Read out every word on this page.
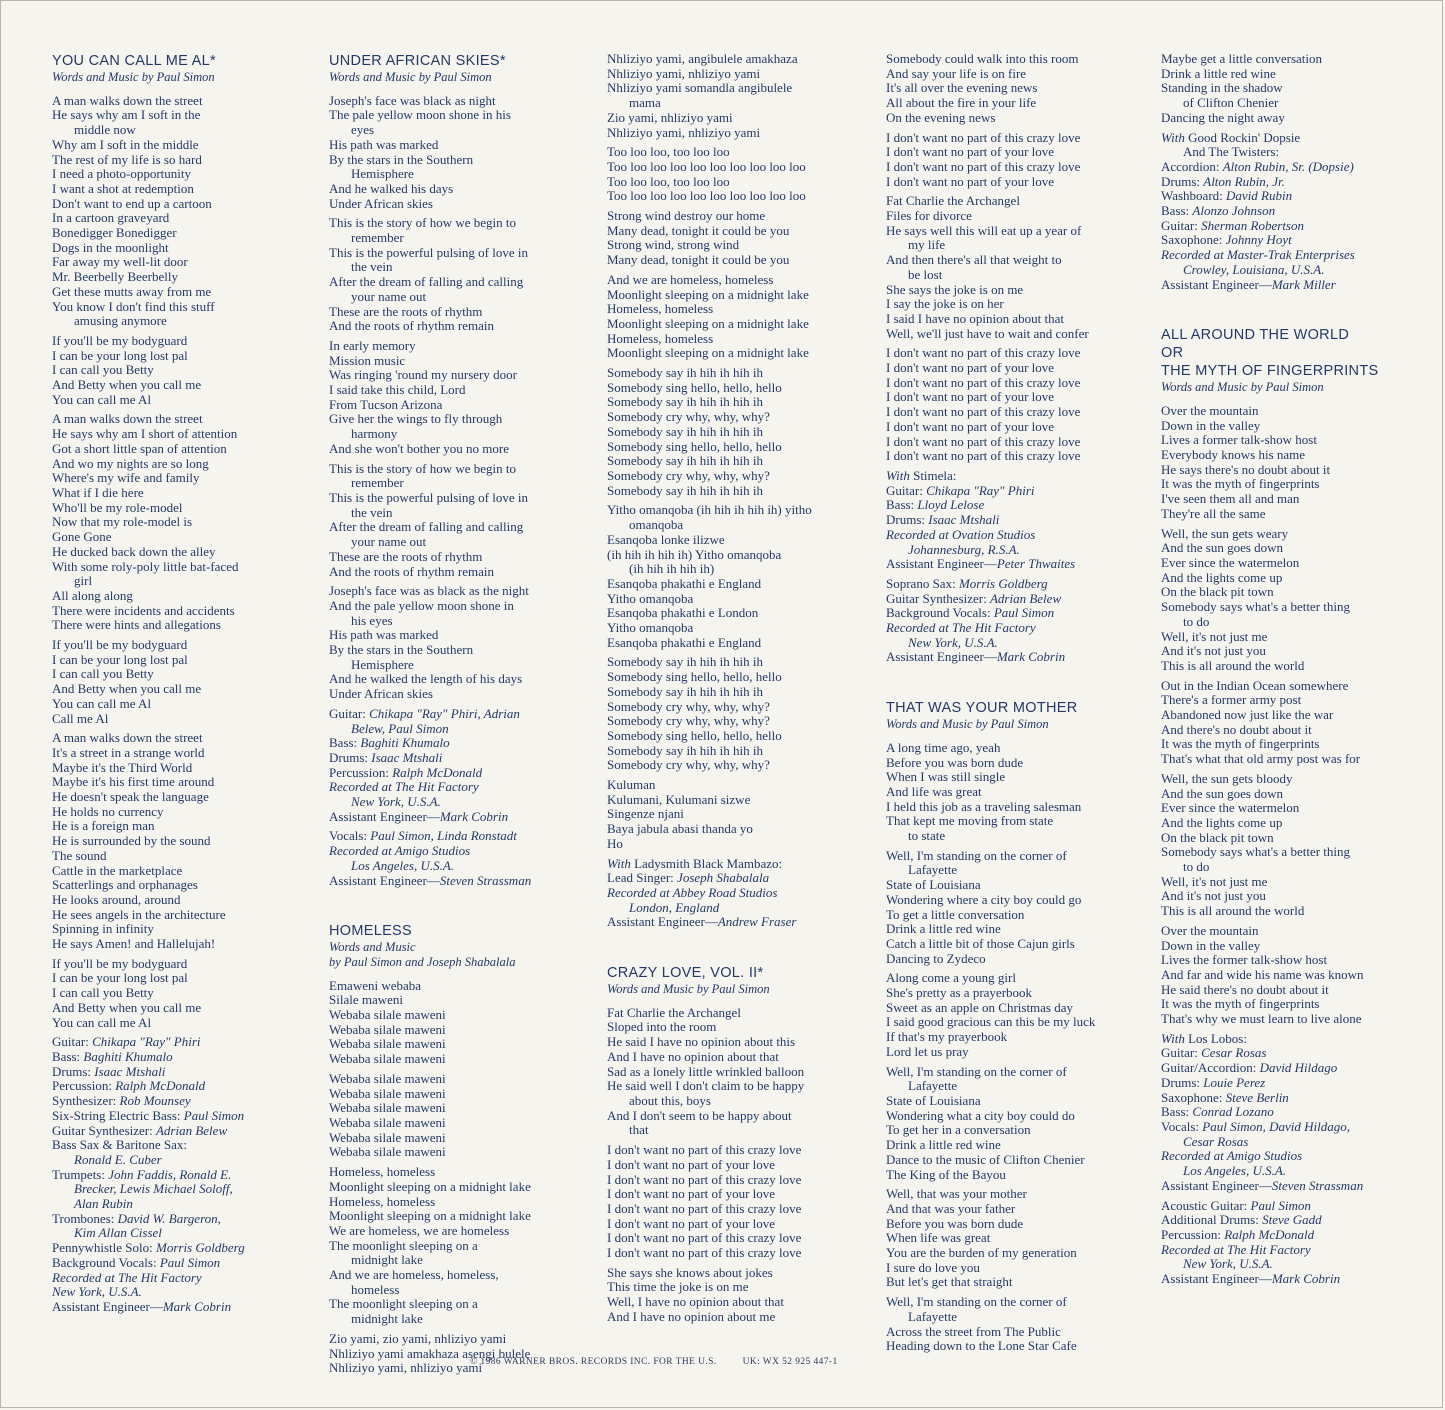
YOU CAN CALL ME AL*
Words and Music by Paul Simon
A man walks down the street
He says why am I soft in the
middle now
Why am I soft in the middle
The rest of my life is so hard
I need a photo-opportunity
I want a shot at redemption
Don't want to end up a cartoon
In a cartoon graveyard
Bonedigger Bonedigger
Dogs in the moonlight
Far away my well-lit door
Mr. Beerbelly Beerbelly
Get these mutts away from me
You know I don't find this stuff
amusing anymore
If you'll be my bodyguard
I can be your long lost pal
I can call you Betty
And Betty when you call me
You can call me Al
A man walks down the street
He says why am I short of attention
Got a short little span of attention
And wo my nights are so long
Where's my wife and family
What if I die here
Who'll be my role-model
Now that my role-model is
Gone Gone
He ducked back down the alley
With some roly-poly little bat-faced
girl
All along along
There were incidents and accidents
There were hints and allegations
If you'll be my bodyguard
I can be your long lost pal
I can call you Betty
And Betty when you call me
You can call me Al
Call me Al
A man walks down the street
It's a street in a strange world
Maybe it's the Third World
Maybe it's his first time around
He doesn't speak the language
He holds no currency
He is a foreign man
He is surrounded by the sound
The sound
Cattle in the marketplace
Scatterlings and orphanages
He looks around, around
He sees angels in the architecture
Spinning in infinity
He says Amen! and Hallelujah!
If you'll be my bodyguard
I can be your long lost pal
I can call you Betty
And Betty when you call me
You can call me Al
Guitar: Chikapa "Ray" Phiri
Bass: Baghiti Khumalo
Drums: Isaac Mtshali
Percussion: Ralph McDonald
Synthesizer: Rob Mounsey
Six-String Electric Bass: Paul Simon
Guitar Synthesizer: Adrian Belew
Bass Sax & Baritone Sax:
Ronald E. Cuber
Trumpets: John Faddis, Ronald E.
Brecker, Lewis Michael Soloff,
Alan Rubin
Trombones: David W. Bargeron,
Kim Allan Cissel
Pennywhistle Solo: Morris Goldberg
Background Vocals: Paul Simon
Recorded at The Hit Factory
New York, U.S.A.
Assistant Engineer—Mark Cobrin
UNDER AFRICAN SKIES*
Words and Music by Paul Simon
Joseph's face was black as night
The pale yellow moon shone in his
eyes
His path was marked
By the stars in the Southern
Hemisphere
And he walked his days
Under African skies
This is the story of how we begin to
remember
This is the powerful pulsing of love in
the vein
After the dream of falling and calling
your name out
These are the roots of rhythm
And the roots of rhythm remain
In early memory
Mission music
Was ringing 'round my nursery door
I said take this child, Lord
From Tucson Arizona
Give her the wings to fly through
harmony
And she won't bother you no more
This is the story of how we begin to
remember
This is the powerful pulsing of love in
the vein
After the dream of falling and calling
your name out
These are the roots of rhythm
And the roots of rhythm remain
Joseph's face was as black as the night
And the pale yellow moon shone in
his eyes
His path was marked
By the stars in the Southern
Hemisphere
And he walked the length of his days
Under African skies
Guitar: Chikapa "Ray" Phiri, Adrian
Belew, Paul Simon
Bass: Baghiti Khumalo
Drums: Isaac Mtshali
Percussion: Ralph McDonald
Recorded at The Hit Factory
New York, U.S.A.
Assistant Engineer—Mark Cobrin
Vocals: Paul Simon, Linda Ronstadt
Recorded at Amigo Studios
Los Angeles, U.S.A.
Assistant Engineer—Steven Strassman
HOMELESS
Words and Music
by Paul Simon and Joseph Shabalala
Emaweni webaba
Silale maweni
Webaba silale maweni
Webaba silale maweni
Webaba silale maweni
Webaba silale maweni
Webaba silale maweni
Webaba silale maweni
Webaba silale maweni
Webaba silale maweni
Webaba silale maweni
Webaba silale maweni
Homeless, homeless
Moonlight sleeping on a midnight lake
Homeless, homeless
Moonlight sleeping on a midnight lake
We are homeless, we are homeless
The moonlight sleeping on a
midnight lake
And we are homeless, homeless,
homeless
The moonlight sleeping on a
midnight lake
Zio yami, zio yami, nhliziyo yami
Nhliziyo yami amakhaza asengi bulele
Nhliziyo yami, nhliziyo yami
Nhliziyo yami, angibulele amakhaza
Nhliziyo yami, nhliziyo yami
Nhliziyo yami somandla angibulele
mama
Zio yami, nhliziyo yami
Nhliziyo yami, nhliziyo yami
Too loo loo, too loo loo
Too loo loo loo loo loo loo loo loo loo
Too loo loo, too loo loo
Too loo loo loo loo loo loo loo loo loo
Strong wind destroy our home
Many dead, tonight it could be you
Strong wind, strong wind
Many dead, tonight it could be you
And we are homeless, homeless
Moonlight sleeping on a midnight lake
Homeless, homeless
Moonlight sleeping on a midnight lake
Homeless, homeless
Moonlight sleeping on a midnight lake
Somebody say ih hih ih hih ih
Somebody sing hello, hello, hello
Somebody say ih hih ih hih ih
Somebody cry why, why, why?
Somebody say ih hih ih hih ih
Somebody sing hello, hello, hello
Somebody say ih hih ih hih ih
Somebody cry why, why, why?
Somebody say ih hih ih hih ih
Yitho omanqoba (ih hih ih hih ih) yitho
omanqoba
Esanqoba lonke ilizwe
(ih hih ih hih ih) Yitho omanqoba
(ih hih ih hih ih)
Esanqoba phakathi e England
Yitho omanqoba
Esanqoba phakathi e London
Yitho omanqoba
Esanqoba phakathi e England
Somebody say ih hih ih hih ih
Somebody sing hello, hello, hello
Somebody say ih hih ih hih ih
Somebody cry why, why, why?
Somebody cry why, why, why?
Somebody sing hello, hello, hello
Somebody say ih hih ih hih ih
Somebody cry why, why, why?
Kuluman
Kulumani, Kulumani sizwe
Singenze njani
Baya jabula abasi thanda yo
Ho
With Ladysmith Black Mambazo:
Lead Singer: Joseph Shabalala
Recorded at Abbey Road Studios
London, England
Assistant Engineer—Andrew Fraser
CRAZY LOVE, VOL. II*
Words and Music by Paul Simon
Fat Charlie the Archangel
Sloped into the room
He said I have no opinion about this
And I have no opinion about that
Sad as a lonely little wrinkled balloon
He said well I don't claim to be happy
about this, boys
And I don't seem to be happy about
that
I don't want no part of this crazy love
I don't want no part of your love
I don't want no part of this crazy love
I don't want no part of your love
I don't want no part of this crazy love
I don't want no part of your love
I don't want no part of this crazy love
I don't want no part of this crazy love
She says she knows about jokes
This time the joke is on me
Well, I have no opinion about that
And I have no opinion about me
Somebody could walk into this room
And say your life is on fire
It's all over the evening news
All about the fire in your life
On the evening news
I don't want no part of this crazy love
I don't want no part of your love
I don't want no part of this crazy love
I don't want no part of your love
Fat Charlie the Archangel
Files for divorce
He says well this will eat up a year of
my life
And then there's all that weight to
be lost
She says the joke is on me
I say the joke is on her
I said I have no opinion about that
Well, we'll just have to wait and confer
I don't want no part of this crazy love
I don't want no part of your love
I don't want no part of this crazy love
I don't want no part of your love
I don't want no part of this crazy love
I don't want no part of your love
I don't want no part of this crazy love
I don't want no part of this crazy love
With Stimela:
Guitar: Chikapa "Ray" Phiri
Bass: Lloyd Lelose
Drums: Isaac Mtshali
Recorded at Ovation Studios
Johannesburg, R.S.A.
Assistant Engineer—Peter Thwaites
Soprano Sax: Morris Goldberg
Guitar Synthesizer: Adrian Belew
Background Vocals: Paul Simon
Recorded at The Hit Factory
New York, U.S.A.
Assistant Engineer—Mark Cobrin
THAT WAS YOUR MOTHER
Words and Music by Paul Simon
A long time ago, yeah
Before you was born dude
When I was still single
And life was great
I held this job as a traveling salesman
That kept me moving from state
to state
Well, I'm standing on the corner of
Lafayette
State of Louisiana
Wondering where a city boy could go
To get a little conversation
Drink a little red wine
Catch a little bit of those Cajun girls
Dancing to Zydeco
Along come a young girl
She's pretty as a prayerbook
Sweet as an apple on Christmas day
I said good gracious can this be my luck
If that's my prayerbook
Lord let us pray
Well, I'm standing on the corner of
Lafayette
State of Louisiana
Wondering what a city boy could do
To get her in a conversation
Drink a little red wine
Dance to the music of Clifton Chenier
The King of the Bayou
Well, that was your mother
And that was your father
Before you was born dude
When life was great
You are the burden of my generation
I sure do love you
But let's get that straight
Well, I'm standing on the corner of
Lafayette
Across the street from The Public
Heading down to the Lone Star Cafe
Maybe get a little conversation
Drink a little red wine
Standing in the shadow
of Clifton Chenier
Dancing the night away
With Good Rockin' Dopsie
And The Twisters:
Accordion: Alton Rubin, Sr. (Dopsie)
Drums: Alton Rubin, Jr.
Washboard: David Rubin
Bass: Alonzo Johnson
Guitar: Sherman Robertson
Saxophone: Johnny Hoyt
Recorded at Master-Trak Enterprises
Crowley, Louisiana, U.S.A.
Assistant Engineer—Mark Miller
ALL AROUND THE WORLD
OR
THE MYTH OF FINGERPRINTS
Words and Music by Paul Simon
Over the mountain
Down in the valley
Lives a former talk-show host
Everybody knows his name
He says there's no doubt about it
It was the myth of fingerprints
I've seen them all and man
They're all the same
Well, the sun gets weary
And the sun goes down
Ever since the watermelon
And the lights come up
On the black pit town
Somebody says what's a better thing
to do
Well, it's not just me
And it's not just you
This is all around the world
Out in the Indian Ocean somewhere
There's a former army post
Abandoned now just like the war
And there's no doubt about it
It was the myth of fingerprints
That's what that old army post was for
Well, the sun gets bloody
And the sun goes down
Ever since the watermelon
And the lights come up
On the black pit town
Somebody says what's a better thing
to do
Well, it's not just me
And it's not just you
This is all around the world
Over the mountain
Down in the valley
Lives the former talk-show host
And far and wide his name was known
He said there's no doubt about it
It was the myth of fingerprints
That's why we must learn to live alone
With Los Lobos:
Guitar: Cesar Rosas
Guitar/Accordion: David Hildago
Drums: Louie Perez
Saxophone: Steve Berlin
Bass: Conrad Lozano
Vocals: Paul Simon, David Hildago,
Cesar Rosas
Recorded at Amigo Studios
Los Angeles, U.S.A.
Assistant Engineer—Steven Strassman
Acoustic Guitar: Paul Simon
Additional Drums: Steve Gadd
Percussion: Ralph McDonald
Recorded at The Hit Factory
New York, U.S.A.
Assistant Engineer—Mark Cobrin
© 1986 WARNER BROS. RECORDS INC. FOR THE U.S.	UK: WX 52 925 447-1
